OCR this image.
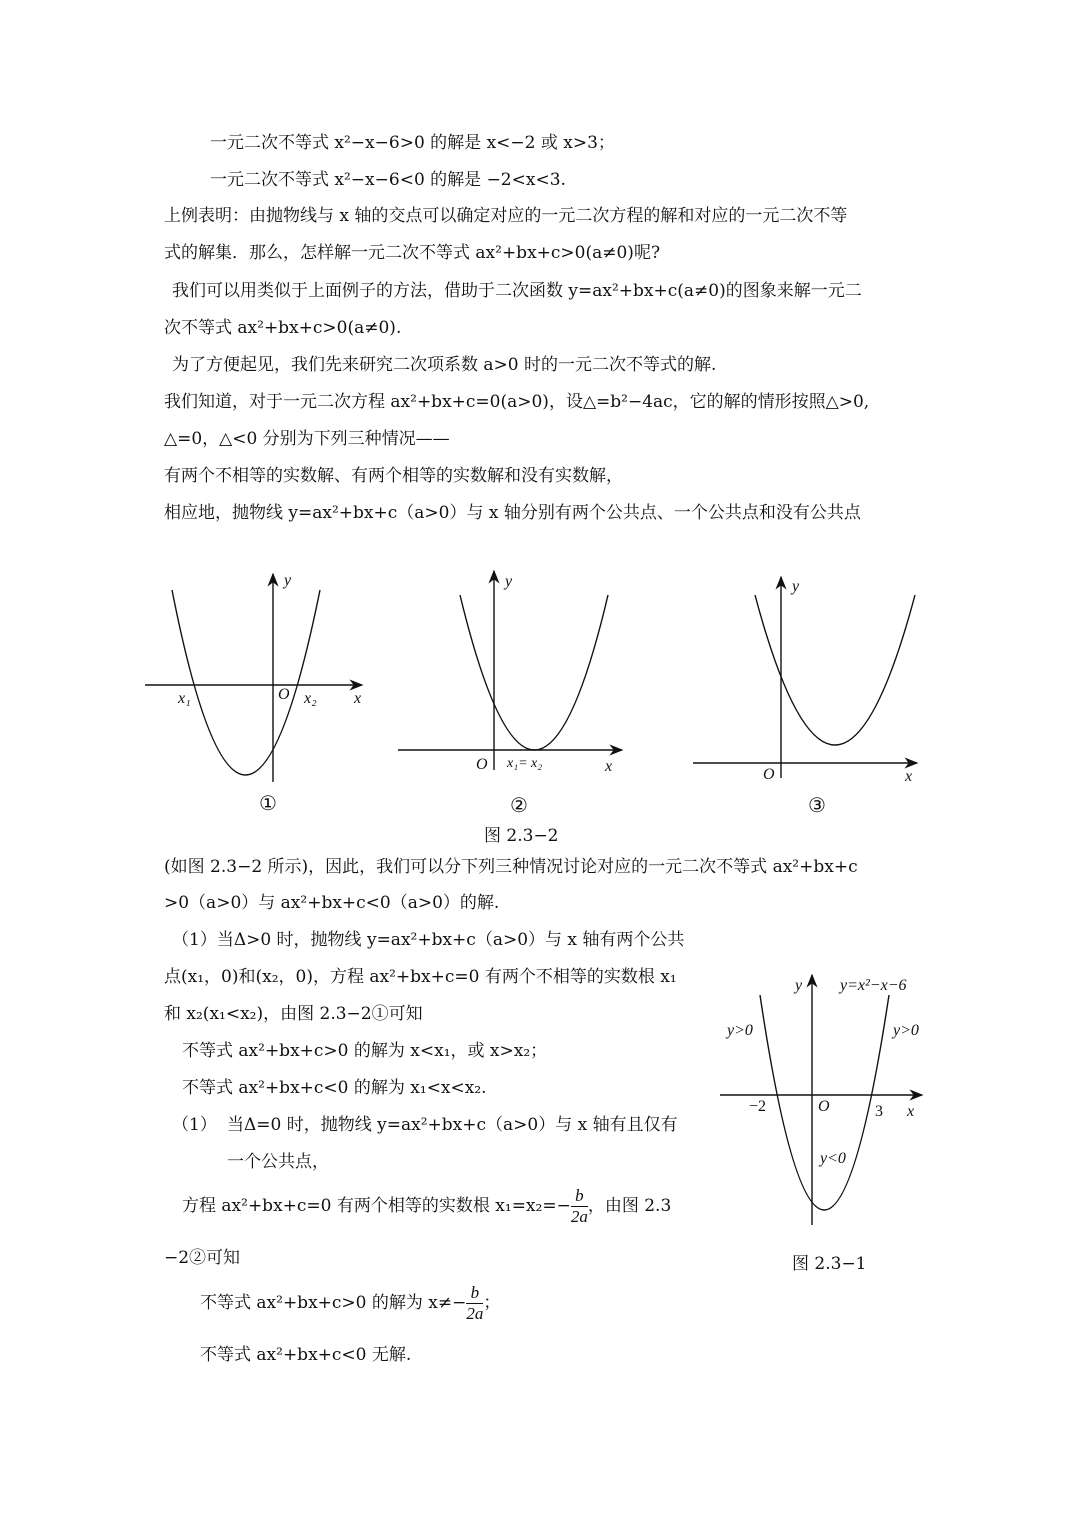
一元二次不等式 x²−x−6>0 的解是 x<−2 或 x>3；
一元二次不等式 x²−x−6<0 的解是 −2<x<3.
上例表明：由抛物线与 x 轴的交点可以确定对应的一元二次方程的解和对应的一元二次不等
式的解集．那么，怎样解一元二次不等式 ax²+bx+c>0(a≠0)呢?
我们可以用类似于上面例子的方法，借助于二次函数 y=ax²+bx+c(a≠0)的图象来解一元二
次不等式 ax²+bx+c>0(a≠0).
为了方便起见，我们先来研究二次项系数 a>0 时的一元二次不等式的解.
我们知道，对于一元二次方程 ax²+bx+c=0(a>0)，设△=b²−4ac，它的解的情形按照△>0,
△=0，△<0 分别为下列三种情况——
有两个不相等的实数解、有两个相等的实数解和没有实数解，
相应地，抛物线 y=ax²+bx+c（a>0）与 x 轴分别有两个公共点、一个公共点和没有公共点
y
x₁	O x₂ x
①
y
O x₁= x₂	x
②
y
O	x
③
图 2.3−2
(如图 2.3−2 所示)，因此，我们可以分下列三种情况讨论对应的一元二次不等式 ax²+bx+c
>0（a>0）与 ax²+bx+c<0（a>0）的解.
（1）当Δ>0 时，抛物线 y=ax²+bx+c（a>0）与 x 轴有两个公共
点(x₁，0)和(x₂，0)，方程 ax²+bx+c=0 有两个不相等的实数根 x₁
和 x₂(x₁<x₂)，由图 2.3−2①可知
不等式 ax²+bx+c>0 的解为 x<x₁，或 x>x₂；
不等式 ax²+bx+c<0 的解为 x₁<x<x₂.
（1） 当Δ=0 时，抛物线 y=ax²+bx+c（a>0）与 x 轴有且仅有
一个公共点，
方程 ax²+bx+c=0 有两个相等的实数根 $x_1=x_2=- \frac{b}{2a}$ ，由图 2.3
−2②可知
不等式 ax²+bx+c>0 的解为 $x\ne- \frac{b}{2a}$ ；
不等式 ax²+bx+c<0 无解.
y y=x²−x−6
y>0	y>0
−2	O	3 x
y<0
图 2.3−1
